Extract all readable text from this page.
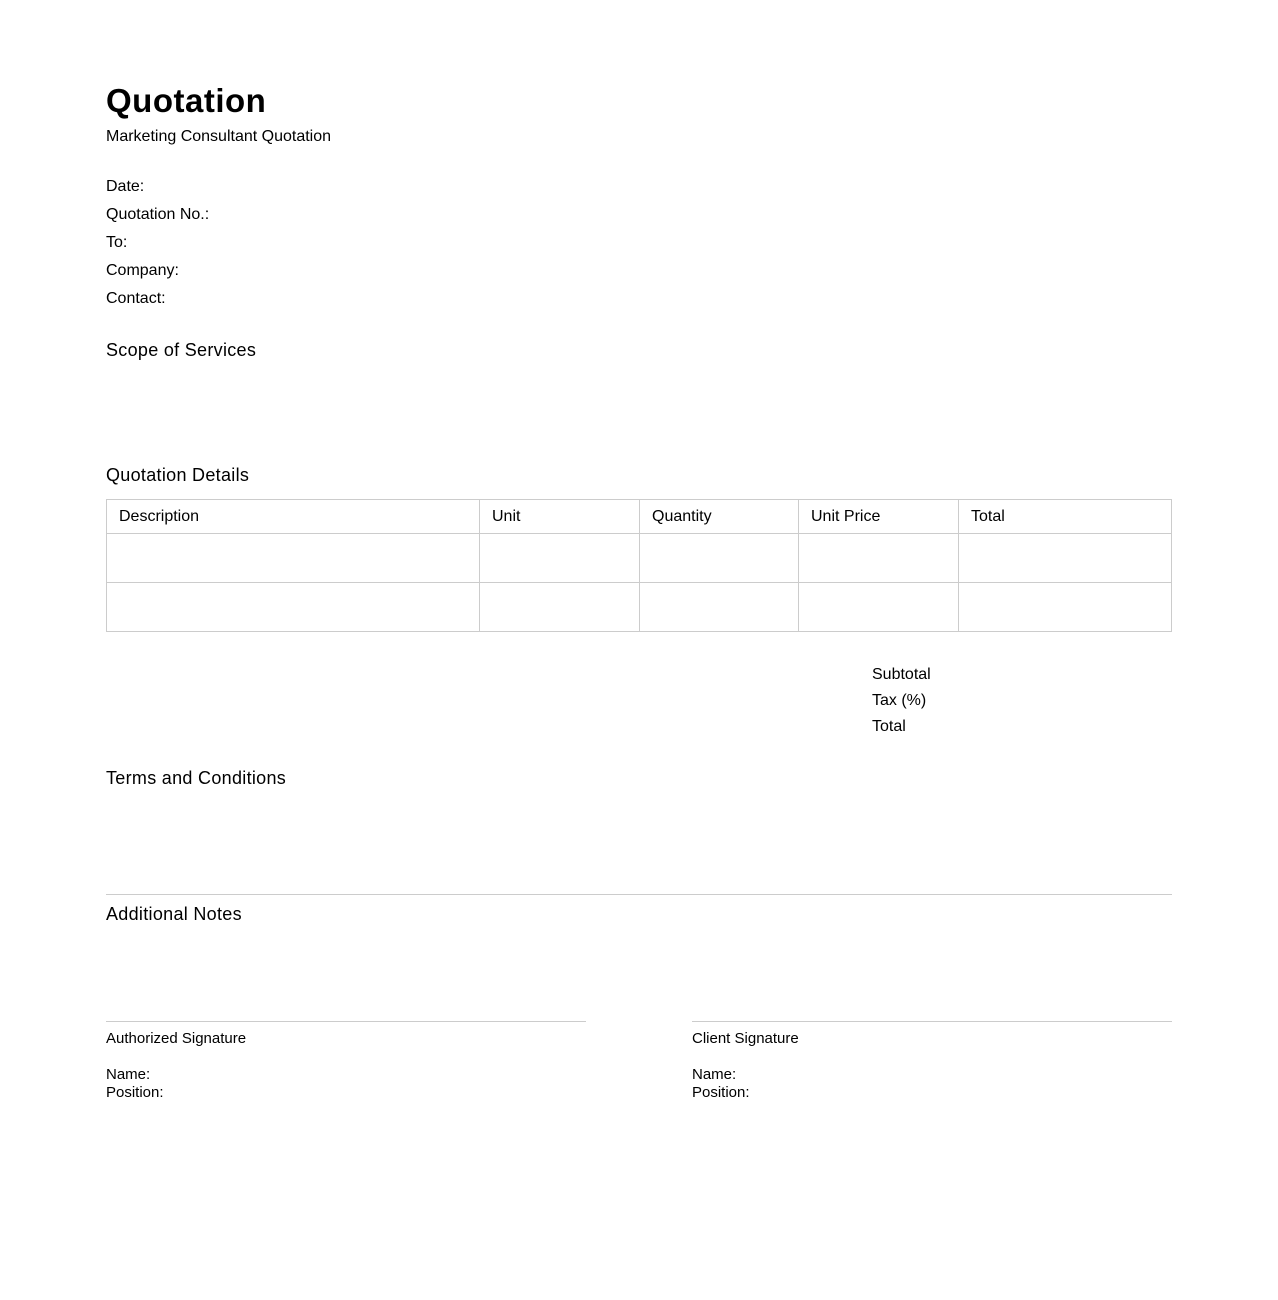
Quotation
Marketing Consultant Quotation
Date:
Quotation No.:
To:
Company:
Contact:
Scope of Services
Quotation Details
Description	Unit	Quantity	Unit Price	Total

Subtotal
Tax (%)
Total
Terms and Conditions
Additional Notes
Authorized Signature
Name:
Position:
Client Signature
Name:
Position:
